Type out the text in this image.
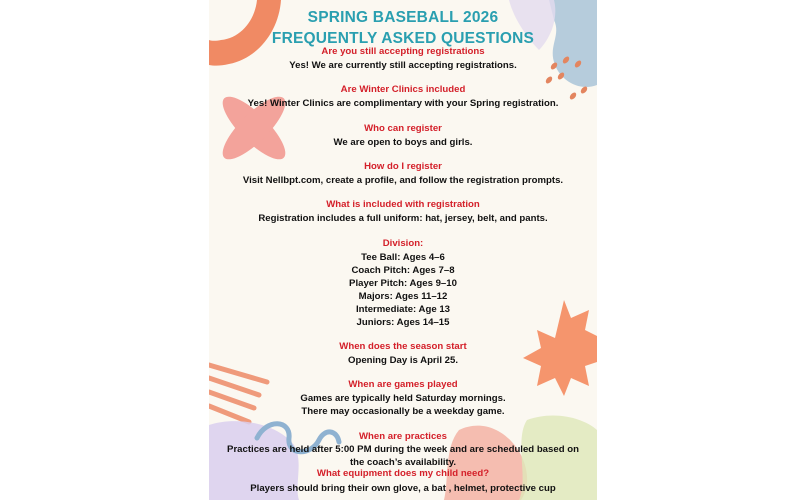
SPRING BASEBALL 2026
FREQUENTLY ASKED QUESTIONS
Are you still accepting registrations
Yes! We are currently still accepting registrations.
Are Winter Clinics included
Yes! Winter Clinics are complimentary with your Spring registration.
Who can register
We are open to boys and girls.
How do I register
Visit Nellbpt.com, create a profile, and follow the registration prompts.
What is included with registration
Registration includes a full uniform: hat, jersey, belt, and pants.
Division:
Tee Ball: Ages 4–6
Coach Pitch: Ages 7–8
Player Pitch: Ages 9–10
Majors: Ages 11–12
Intermediate: Age 13
Juniors: Ages 14–15
When does the season start
Opening Day is April 25.
When are games played
Games are typically held Saturday mornings.
There may occasionally be a weekday game.
When are practices
Practices are held after 5:00 PM during the week and are scheduled based on
the coach’s availability.
What equipment does my child need?
Players should bring their own glove, a bat , helmet, protective cup
